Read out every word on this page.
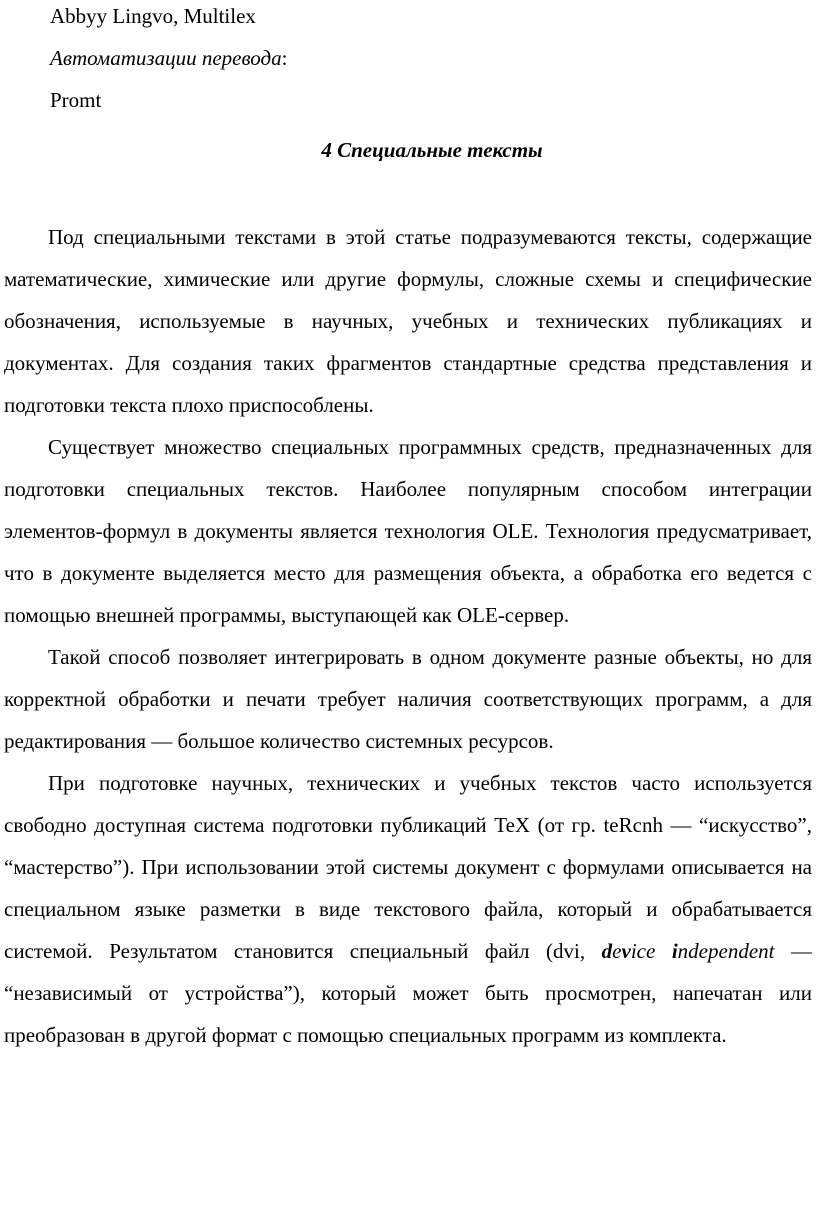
Abbyy Lingvo, Multilex

Автоматизации перевода:

Promt

4 Специальные тексты

Под специальными текстами в этой статье подразумеваются тексты, содержащие математические, химические или другие формулы, сложные схемы и специфические обозначения, используемые в научных, учебных и технических публикациях и документах. Для создания таких фрагментов стандартные средства представления и подготовки текста плохо приспособлены.

Существует множество специальных программных средств, предназначенных для подготовки специальных текстов. Наиболее популярным способом интеграции элементов-формул в документы является технология OLE. Технология предусматривает, что в документе выделяется место для размещения объекта, а обработка его ведется с помощью внешней программы, выступающей как OLE-сервер.

Такой способ позволяет интегрировать в одном документе разные объекты, но для корректной обработки и печати требует наличия соответствующих программ, а для редактирования — большое количество системных ресурсов.

При подготовке научных, технических и учебных текстов часто используется свободно доступная система подготовки публикаций TeX (от гр. teRcnh — “искусство”, “мастерство”). При использовании этой системы документ с формулами описывается на специальном языке разметки в виде текстового файла, который и обрабатывается системой. Результатом становится специальный файл (dvi, device independent — “независимый от устройства”), который может быть просмотрен, напечатан или преобразован в другой формат с помощью специальных программ из комплекта.
